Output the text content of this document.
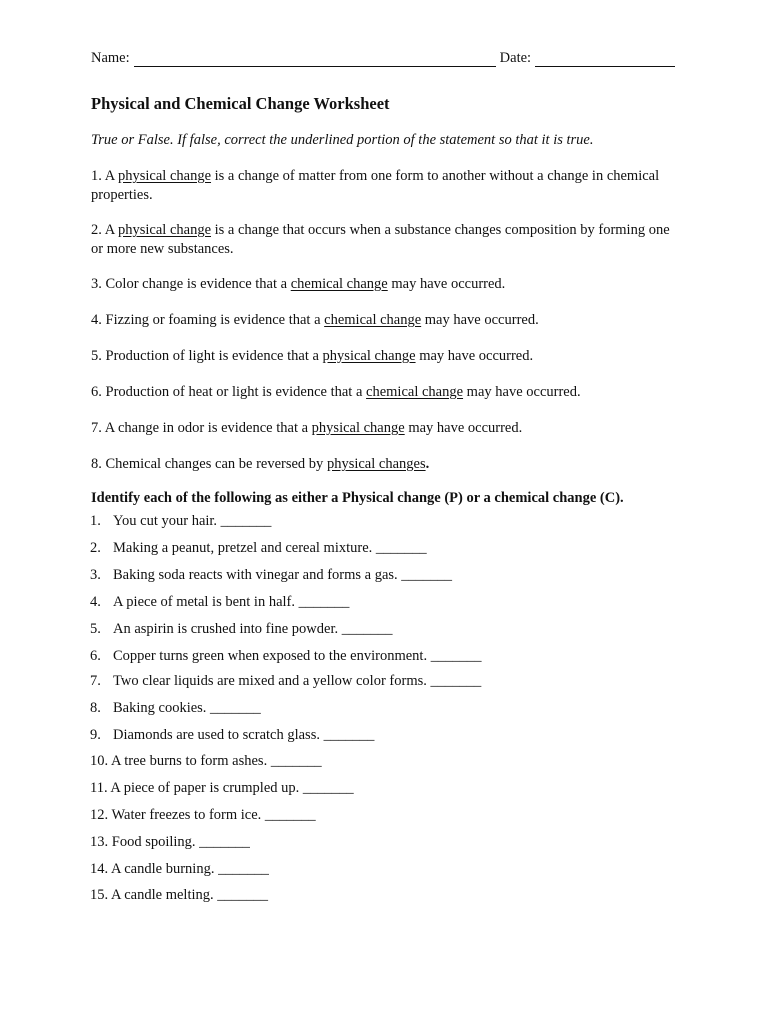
Name:	Date:
Physical and Chemical Change Worksheet
True or False. If false, correct the underlined portion of the statement so that it is true.
1. A physical change is a change of matter from one form to another without a change in chemical properties.
2. A physical change is a change that occurs when a substance changes composition by forming one or more new substances.
3. Color change is evidence that a chemical change may have occurred.
4. Fizzing or foaming is evidence that a chemical change may have occurred.
5. Production of light is evidence that a physical change may have occurred.
6. Production of heat or light is evidence that a chemical change may have occurred.
7. A change in odor is evidence that a physical change may have occurred.
8. Chemical changes can be reversed by physical changes.
Identify each of the following as either a Physical change (P) or a chemical change (C).
1. You cut your hair. _______
2. Making a peanut, pretzel and cereal mixture. _______
3. Baking soda reacts with vinegar and forms a gas. _______
4. A piece of metal is bent in half. _______
5. An aspirin is crushed into fine powder. _______
6. Copper turns green when exposed to the environment. _______
7. Two clear liquids are mixed and a yellow color forms. _______
8. Baking cookies. _______
9. Diamonds are used to scratch glass. _______
10. A tree burns to form ashes. _______
11. A piece of paper is crumpled up. _______
12. Water freezes to form ice. _______
13. Food spoiling. _______
14. A candle burning. _______
15. A candle melting. _______
